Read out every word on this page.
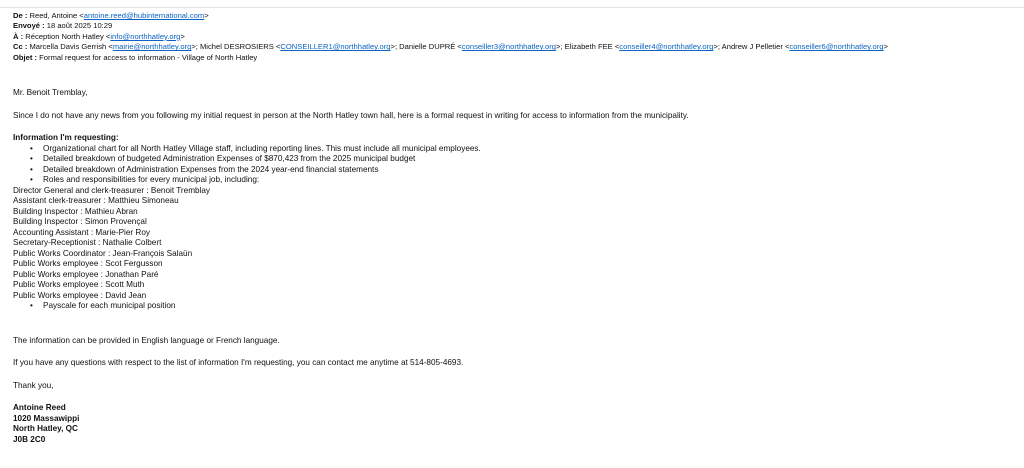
De : Reed, Antoine <antoine.reed@hubinternational.com>
Envoyé : 18 août 2025 10:29
À : Réception North Hatley <info@northhatley.org>
Cc : Marcella Davis Gerrish <mairie@northhatley.org>; Michel DESROSIERS <CONSEILLER1@northhatley.org>; Danielle DUPRÉ <conseiller3@northhatley.org>; Elizabeth FEE <conseiller4@northhatley.org>; Andrew J Pelletier <conseiller6@northhatley.org>
Objet : Formal request for access to information - Village of North Hatley

Mr. Benoit Tremblay,

Since I do not have any news from you following my initial request in person at the North Hatley town hall, here is a formal request in writing for access to information from the municipality.

Information I'm requesting:

• Organizational chart for all North Hatley Village staff, including reporting lines. This must include all municipal employees.
• Detailed breakdown of budgeted Administration Expenses of $870,423 from the 2025 municipal budget
• Detailed breakdown of Administration Expenses from the 2024 year-end financial statements
• Roles and responsibilities for every municipal job, including:
Director General and clerk-treasurer : Benoit Tremblay
Assistant clerk-treasurer : Matthieu Simoneau
Building Inspector : Mathieu Abran
Building Inspector : Simon Provençal
Accounting Assistant : Marie-Pier Roy
Secretary-Receptionist : Nathalie Colbert
Public Works Coordinator : Jean-François Salaün
Public Works employee : Scot Fergusson
Public Works employee : Jonathan Paré
Public Works employee : Scott Muth
Public Works employee : David Jean
• Payscale for each municipal position

The information can be provided in English language or French language.

If you have any questions with respect to the list of information I'm requesting, you can contact me anytime at 514-805-4693.

Thank you,

Antoine Reed
1020 Massawippi
North Hatley, QC
J0B 2C0
